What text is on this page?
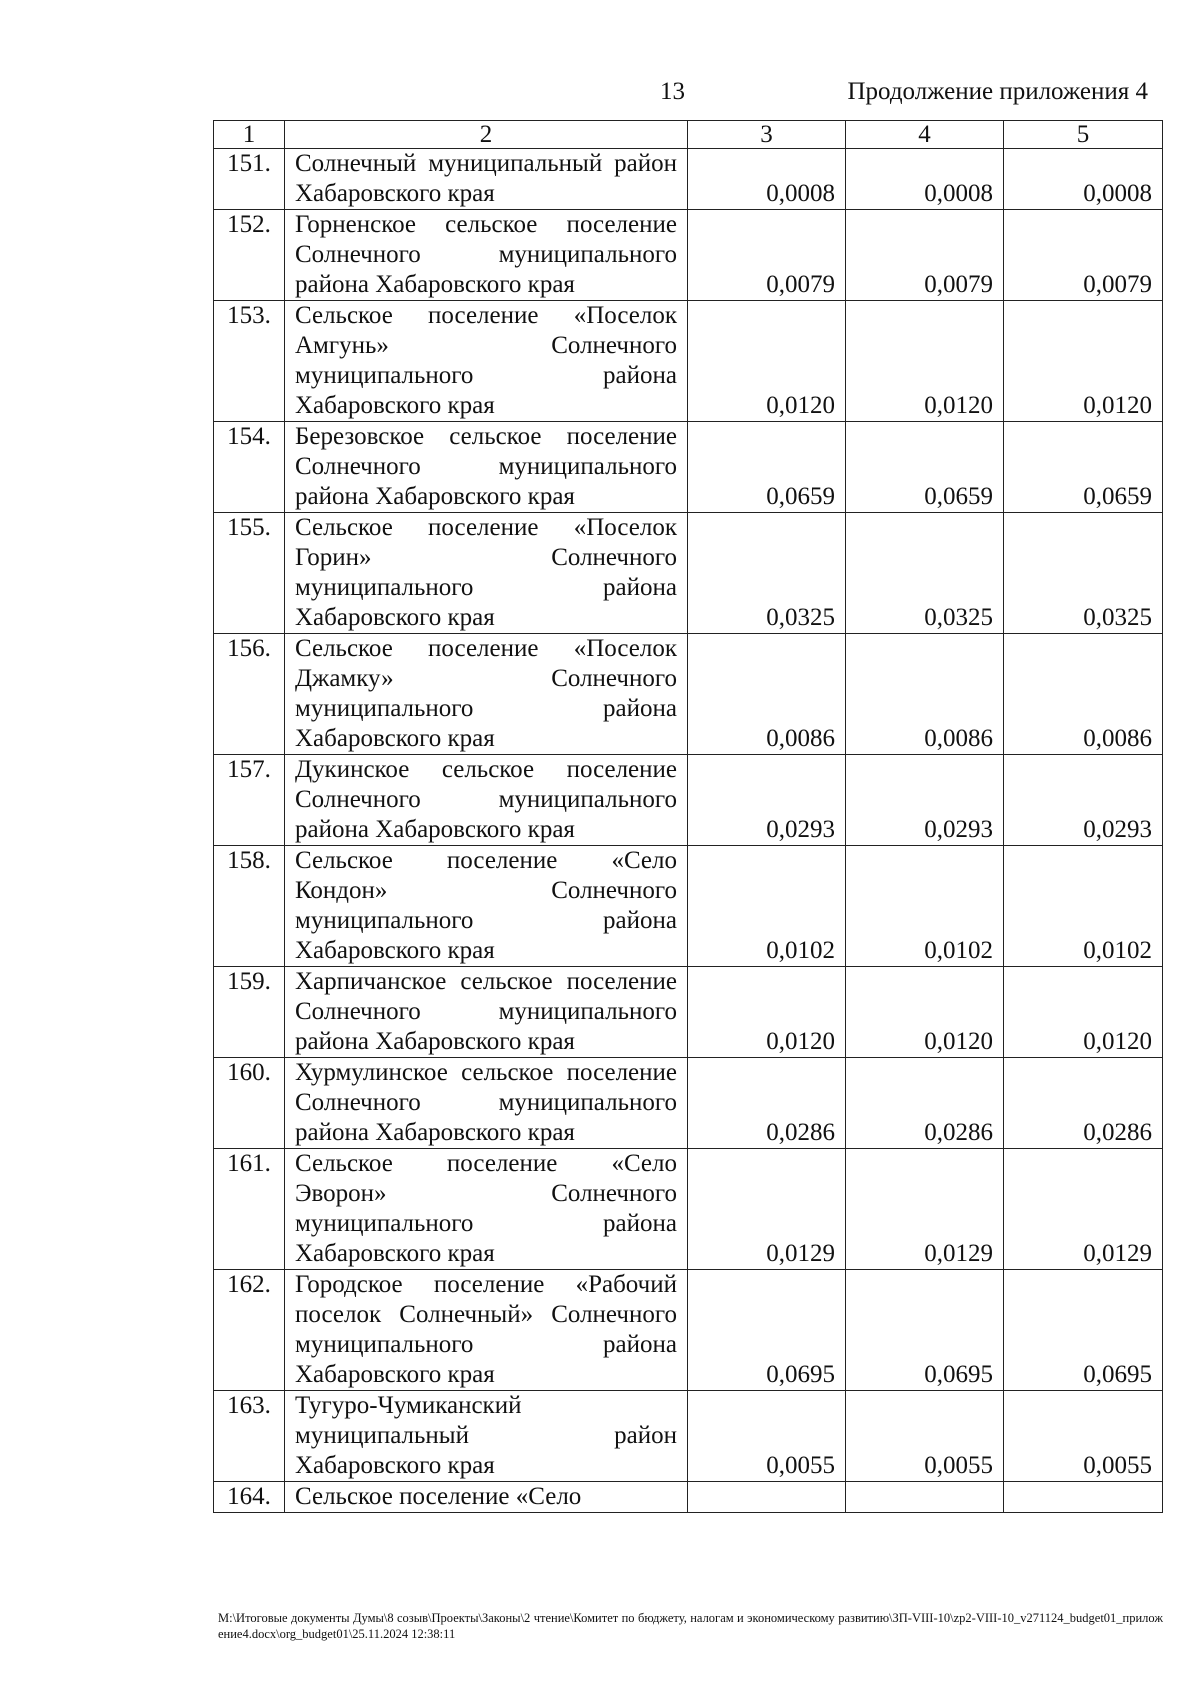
13	Продолжение приложения 4
1	2	3	4	5
151.	Солнечный муниципальный район Хабаровского края	0,0008	0,0008	0,0008
152.	Горненское сельское поселение Солнечного муниципального района Хабаровского края	0,0079	0,0079	0,0079
153.	Сельское поселение «Поселок Амгунь» Солнечного муниципального района Хабаровского края	0,0120	0,0120	0,0120
154.	Березовское сельское поселение Солнечного муниципального района Хабаровского края	0,0659	0,0659	0,0659
155.	Сельское поселение «Поселок Горин» Солнечного муниципального района Хабаровского края	0,0325	0,0325	0,0325
156.	Сельское поселение «Поселок Джамку» Солнечного муниципального района Хабаровского края	0,0086	0,0086	0,0086
157.	Дукинское сельское поселение Солнечного муниципального района Хабаровского края	0,0293	0,0293	0,0293
158.	Сельское поселение «Село Кондон» Солнечного муниципального района Хабаровского края	0,0102	0,0102	0,0102
159.	Харпичанское сельское поселение Солнечного муниципального района Хабаровского края	0,0120	0,0120	0,0120
160.	Хурмулинское сельское поселение Солнечного муниципального района Хабаровского края	0,0286	0,0286	0,0286
161.	Сельское поселение «Село Эворон» Солнечного муниципального района Хабаровского края	0,0129	0,0129	0,0129
162.	Городское поселение «Рабочий поселок Солнечный» Солнечного муниципального района Хабаровского края	0,0695	0,0695	0,0695
163.	Тугуро-Чумиканский муниципальный район Хабаровского края	0,0055	0,0055	0,0055
164.	Сельское поселение «Село			
M:\Итоговые документы Думы\8 созыв\Проекты\Законы\2 чтение\Комитет по бюджету, налогам и экономическому развитию\ЗП-VIII-10\zp2-VIII-10_v271124_budget01_приложение4.docx\org_budget01\25.11.2024 12:38:11
